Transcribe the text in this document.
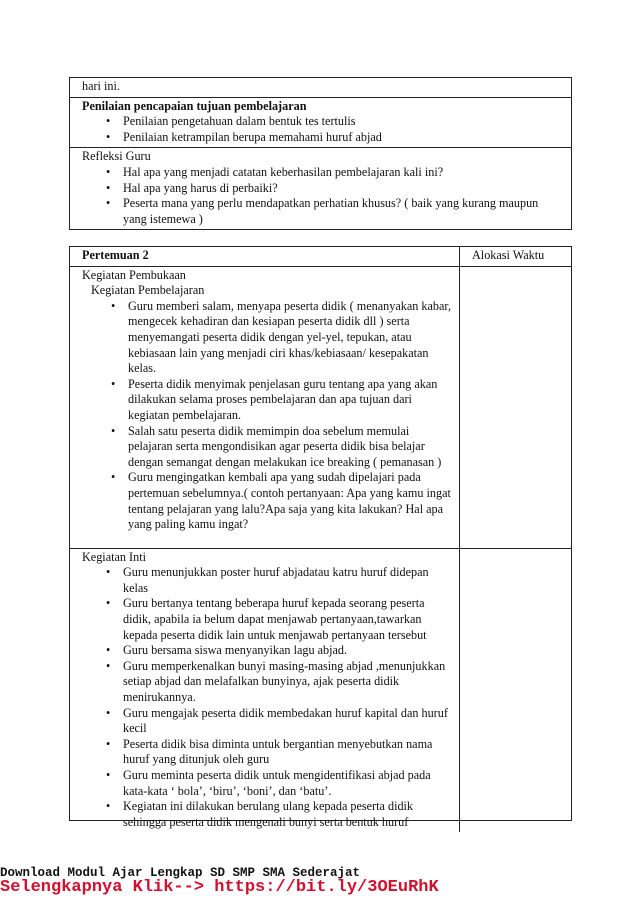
hari ini.
Penilaian pencapaian tujuan pembelajaran
• Penilaian pengetahuan dalam bentuk tes tertulis
• Penilaian ketrampilan berupa memahami huruf abjad
Refleksi Guru
• Hal apa yang menjadi catatan keberhasilan pembelajaran kali ini?
• Hal apa yang harus di perbaiki?
• Peserta mana yang perlu mendapatkan perhatian khusus? ( baik yang kurang maupun yang istemewa )
Pertemuan 2	Alokasi Waktu
Kegiatan Pembukaan
Kegiatan Pembelajaran
• Guru memberi salam, menyapa peserta didik ( menanyakan kabar, mengecek kehadiran dan kesiapan peserta didik dll ) serta menyemangati peserta didik dengan yel-yel, tepukan, atau kebiasaan lain yang menjadi ciri khas/kebiasaan/ kesepakatan kelas.
• Peserta didik menyimak penjelasan guru tentang apa yang akan dilakukan selama proses pembelajaran dan apa tujuan dari kegiatan pembelajaran.
• Salah satu peserta didik memimpin doa sebelum memulai pelajaran serta mengondisikan agar peserta didik bisa belajar dengan semangat dengan melakukan ice breaking ( pemanasan )
• Guru mengingatkan kembali apa yang sudah dipelajari pada pertemuan sebelumnya.( contoh pertanyaan: Apa yang kamu ingat tentang pelajaran yang lalu?Apa saja yang kita lakukan? Hal apa yang paling kamu ingat?
Kegiatan Inti
• Guru menunjukkan poster huruf abjadatau katru huruf didepan kelas
• Guru bertanya tentang beberapa huruf kepada seorang peserta didik, apabila ia belum dapat menjawab pertanyaan,tawarkan kepada peserta didik lain untuk menjawab pertanyaan tersebut
• Guru bersama siswa menyanyikan lagu abjad.
• Guru memperkenalkan bunyi masing-masing abjad ,menunjukkan setiap abjad dan melafalkan bunyinya, ajak peserta didik menirukannya.
• Guru mengajak peserta didik membedakan huruf kapital dan huruf kecil
• Peserta didik bisa diminta untuk bergantian menyebutkan nama huruf yang ditunjuk oleh guru
• Guru meminta peserta didik untuk mengidentifikasi abjad pada kata-kata ‘ bola’, ‘biru’, ‘boni’, dan ‘batu’.
• Kegiatan ini dilakukan berulang ulang kepada peserta didik sehingga peserta didik mengenali bunyi serta bentuk huruf
Download Modul Ajar Lengkap SD SMP SMA Sederajat
Selengkapnya Klik--> https://bit.ly/3OEuRhK
